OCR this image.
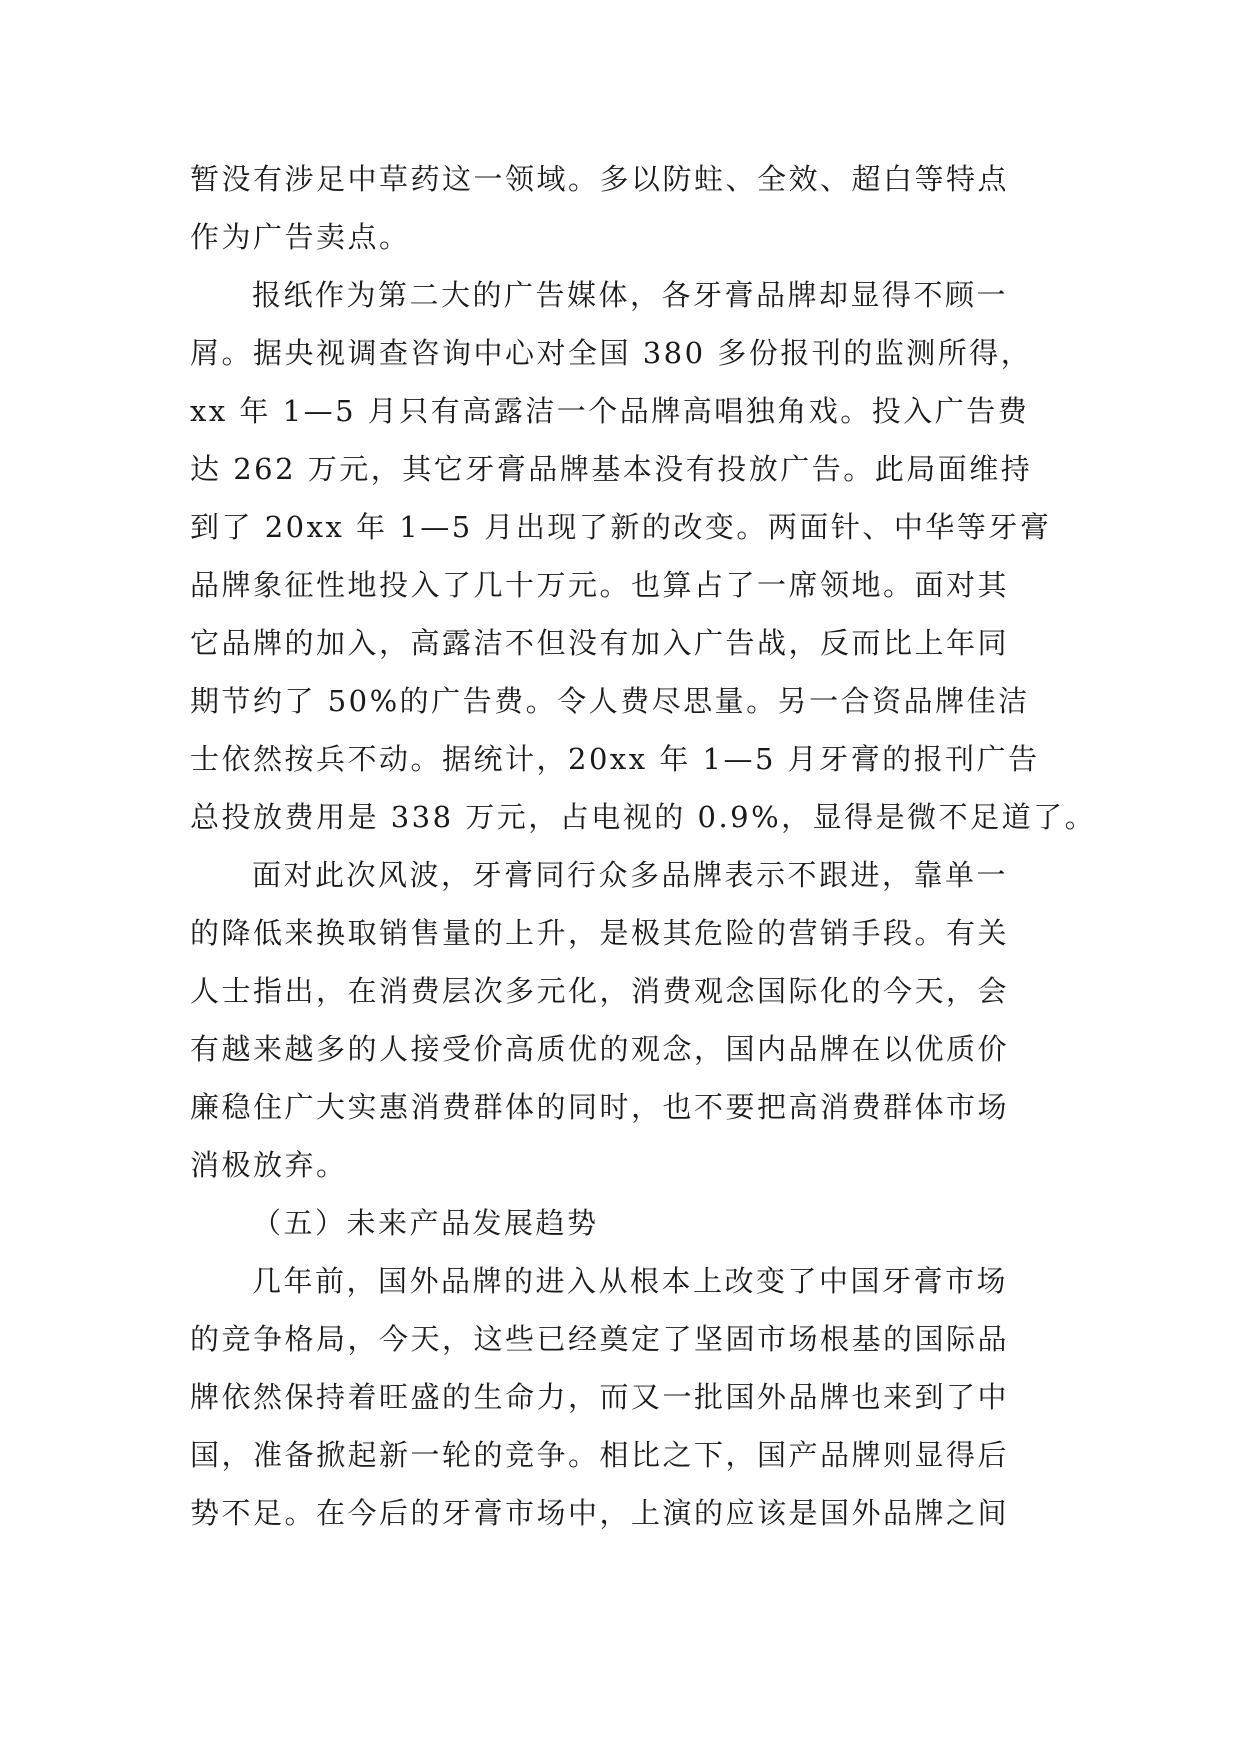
暂没有涉足中草药这一领域。多以防蛀、全效、超白等特点
作为广告卖点。
报纸作为第二大的广告媒体，各牙膏品牌却显得不顾一
屑。据央视调查咨询中心对全国 380 多份报刊的监测所得，
xx 年 1—5 月只有高露洁一个品牌高唱独角戏。投入广告费
达 262 万元，其它牙膏品牌基本没有投放广告。此局面维持
到了 20xx 年 1—5 月出现了新的改变。两面针、中华等牙膏
品牌象征性地投入了几十万元。也算占了一席领地。面对其
它品牌的加入，高露洁不但没有加入广告战，反而比上年同
期节约了 50%的广告费。令人费尽思量。另一合资品牌佳洁
士依然按兵不动。据统计，20xx 年 1—5 月牙膏的报刊广告
总投放费用是 338 万元，占电视的 0.9%，显得是微不足道了。
面对此次风波，牙膏同行众多品牌表示不跟进，靠单一
的降低来换取销售量的上升，是极其危险的营销手段。有关
人士指出，在消费层次多元化，消费观念国际化的今天，会
有越来越多的人接受价高质优的观念，国内品牌在以优质价
廉稳住广大实惠消费群体的同时，也不要把高消费群体市场
消极放弃。
（五）未来产品发展趋势
几年前，国外品牌的进入从根本上改变了中国牙膏市场
的竞争格局，今天，这些已经奠定了坚固市场根基的国际品
牌依然保持着旺盛的生命力，而又一批国外品牌也来到了中
国，准备掀起新一轮的竞争。相比之下，国产品牌则显得后
势不足。在今后的牙膏市场中，上演的应该是国外品牌之间
